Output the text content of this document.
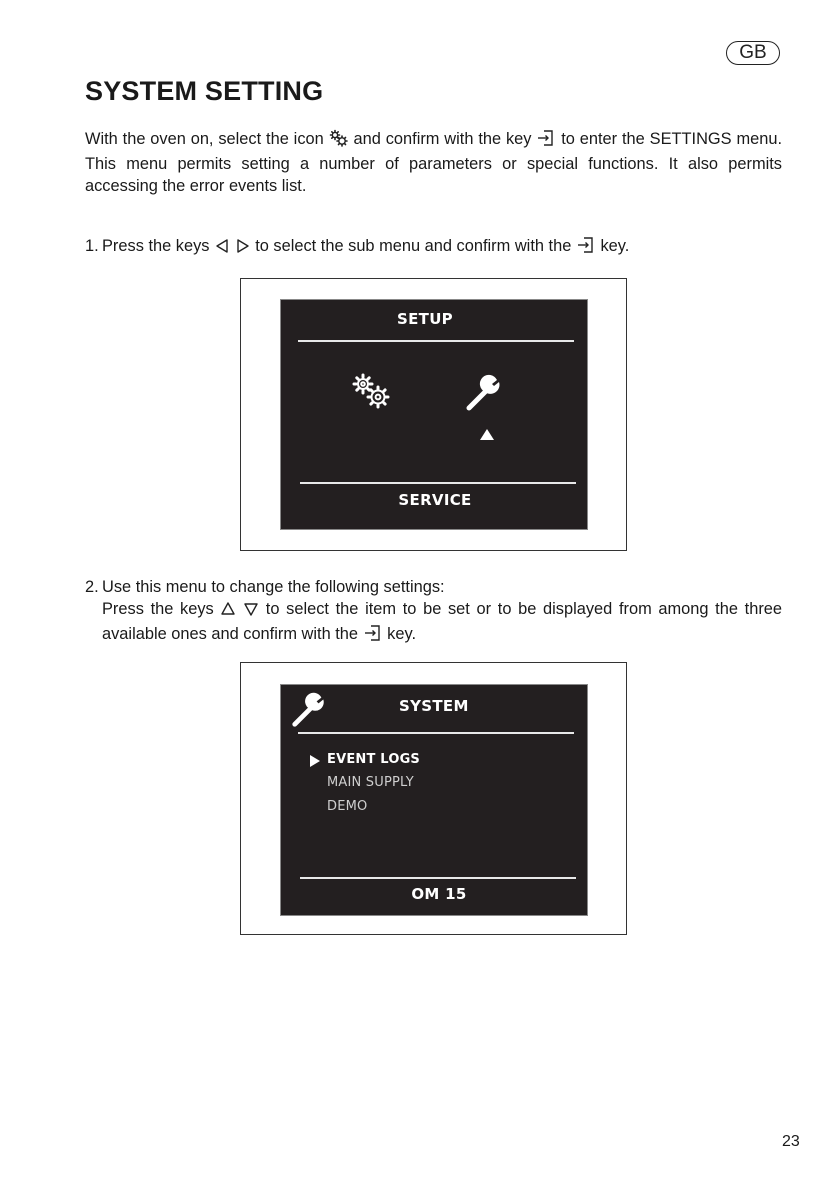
GB
SYSTEM SETTING

With the oven on, select the icon and confirm with the key to enter the SETTINGS menu. This menu permits setting a number of parameters or special functions. It also permits accessing the error events list.

1. Press the keys	to select the sub menu and confirm with the key.

SETUP
SERVICE

2. Use this menu to change the following settings:

Press the keys	to select the item to be set or to be displayed from among the three available ones and confirm with the key.

SYSTEM
EVENT LOGS
MAIN SUPPLY
DEMO
OM 15
23
